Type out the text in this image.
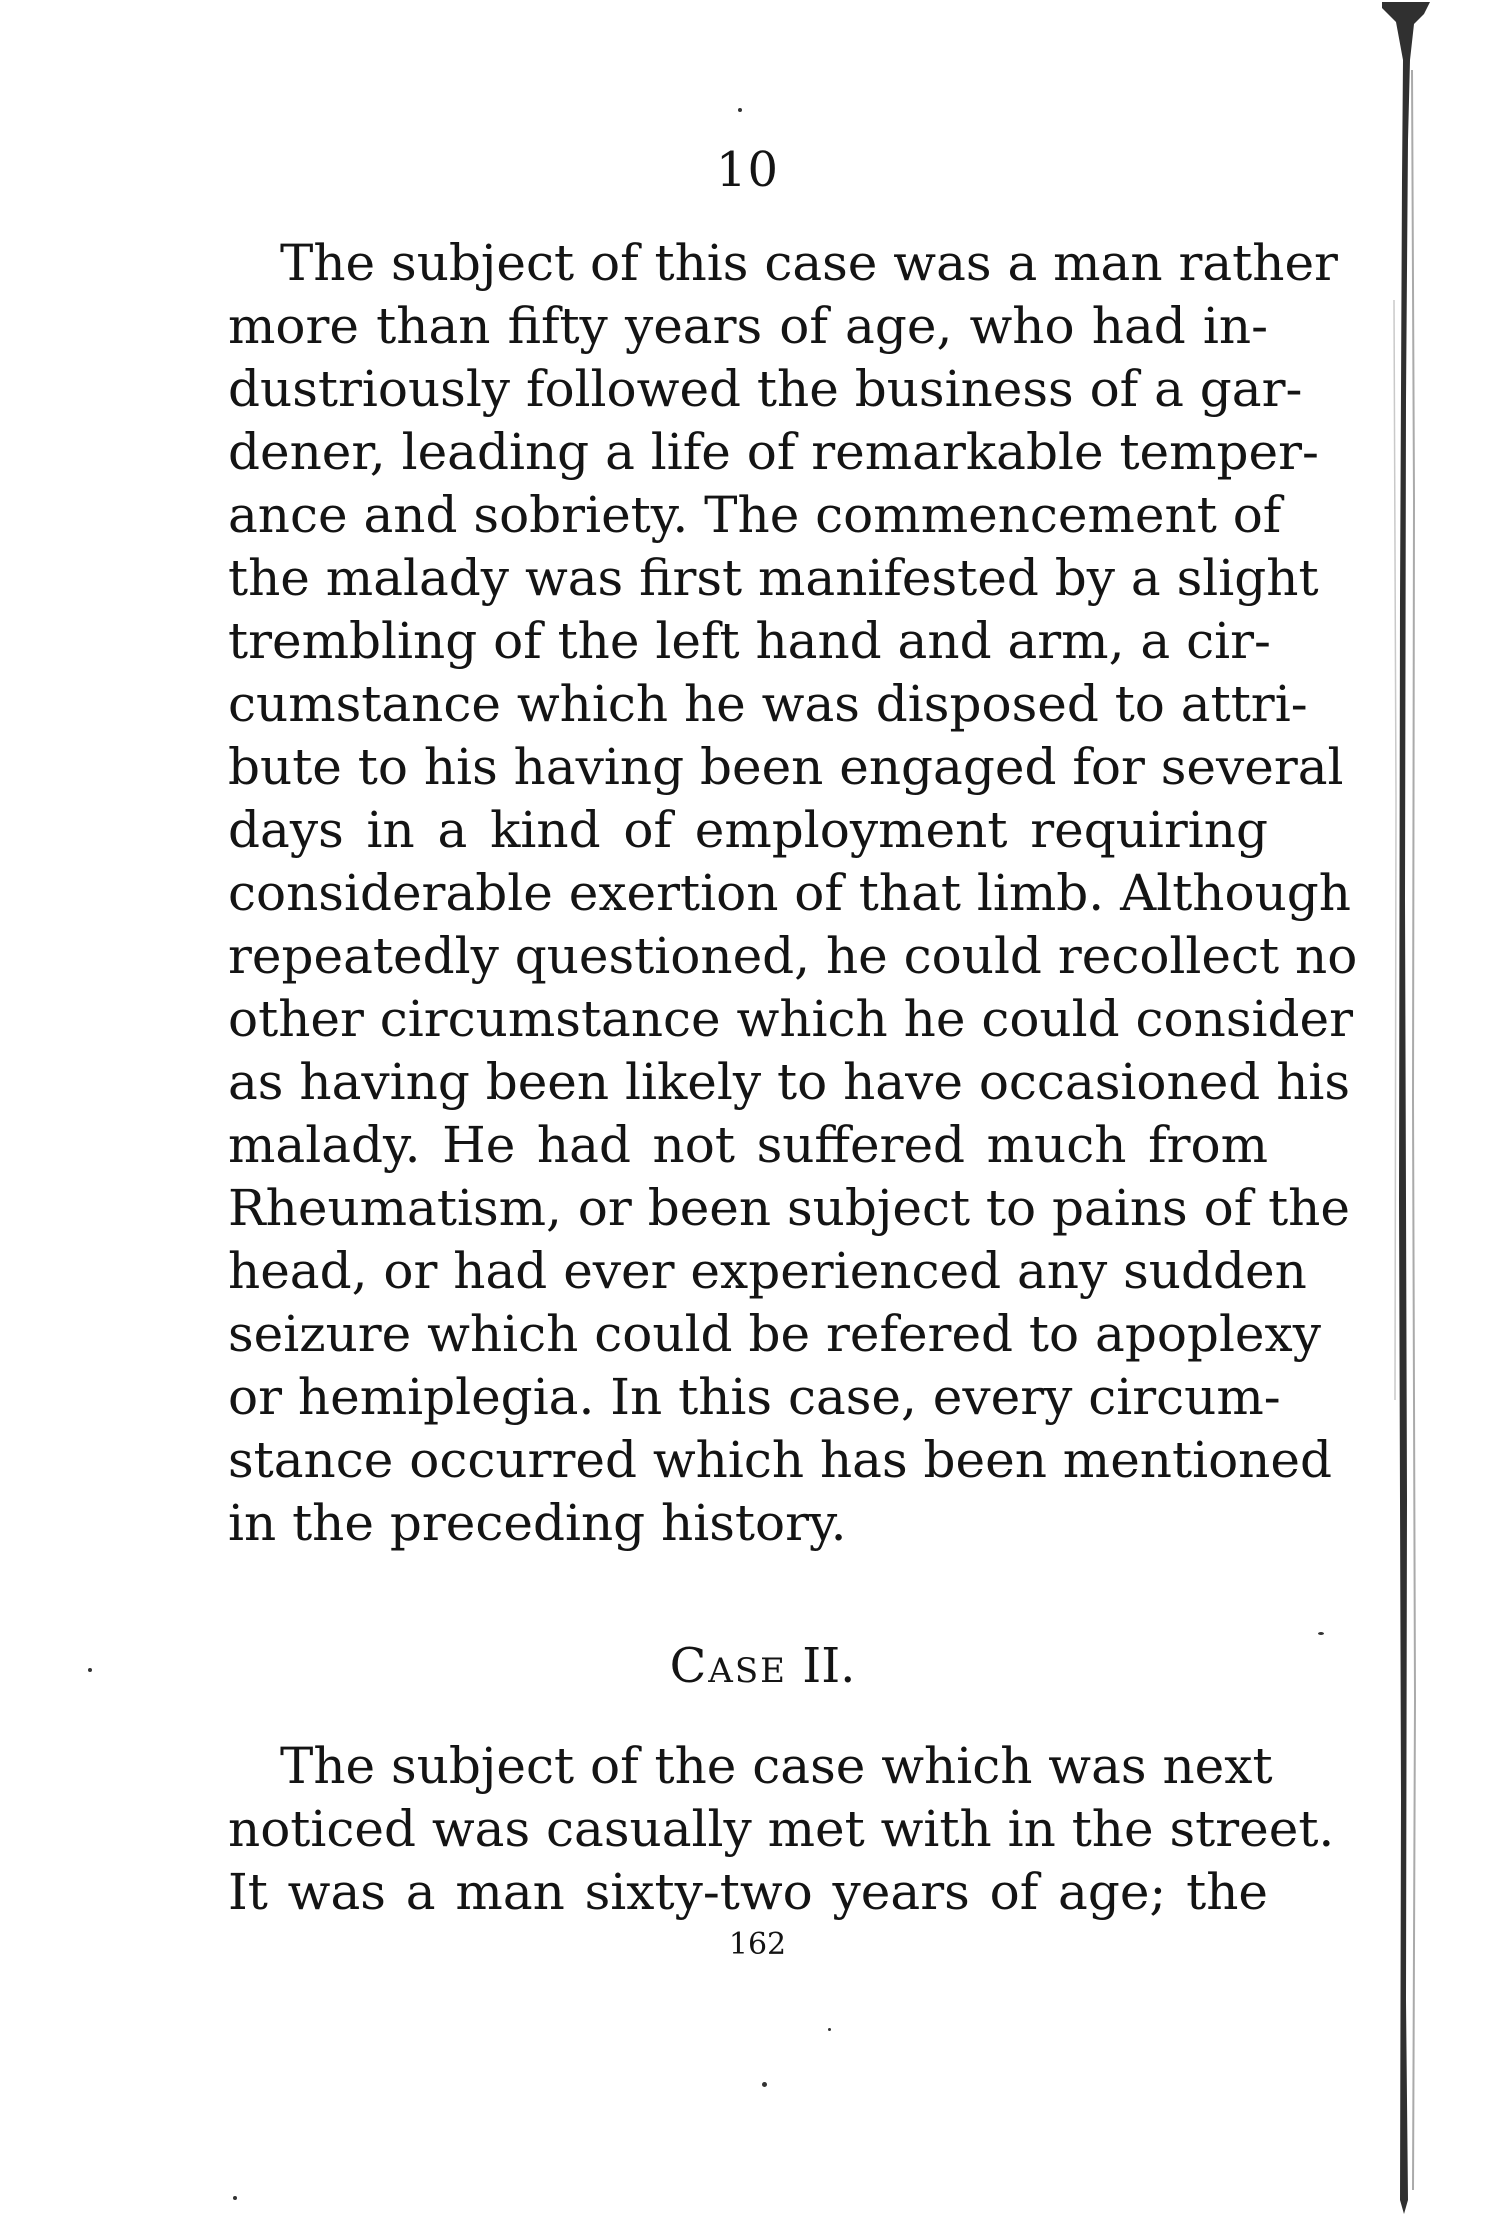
10
The subject of this case was a man rather
more than fifty years of age, who had in-
dustriously followed the business of a gar-
dener, leading a life of remarkable temper-
ance and sobriety. The commencement of
the malady was first manifested by a slight
trembling of the left hand and arm, a cir-
cumstance which he was disposed to attri-
bute to his having been engaged for several
days in a kind of employment requiring
considerable exertion of that limb. Although
repeatedly questioned, he could recollect no
other circumstance which he could consider
as having been likely to have occasioned his
malady. He had not suffered much from
Rheumatism, or been subject to pains of the
head, or had ever experienced any sudden
seizure which could be refered to apoplexy
or hemiplegia. In this case, every circum-
stance occurred which has been mentioned
in the preceding history.
Case II.
The subject of the case which was next
noticed was casually met with in the street.
It was a man sixty-two years of age; the
162
